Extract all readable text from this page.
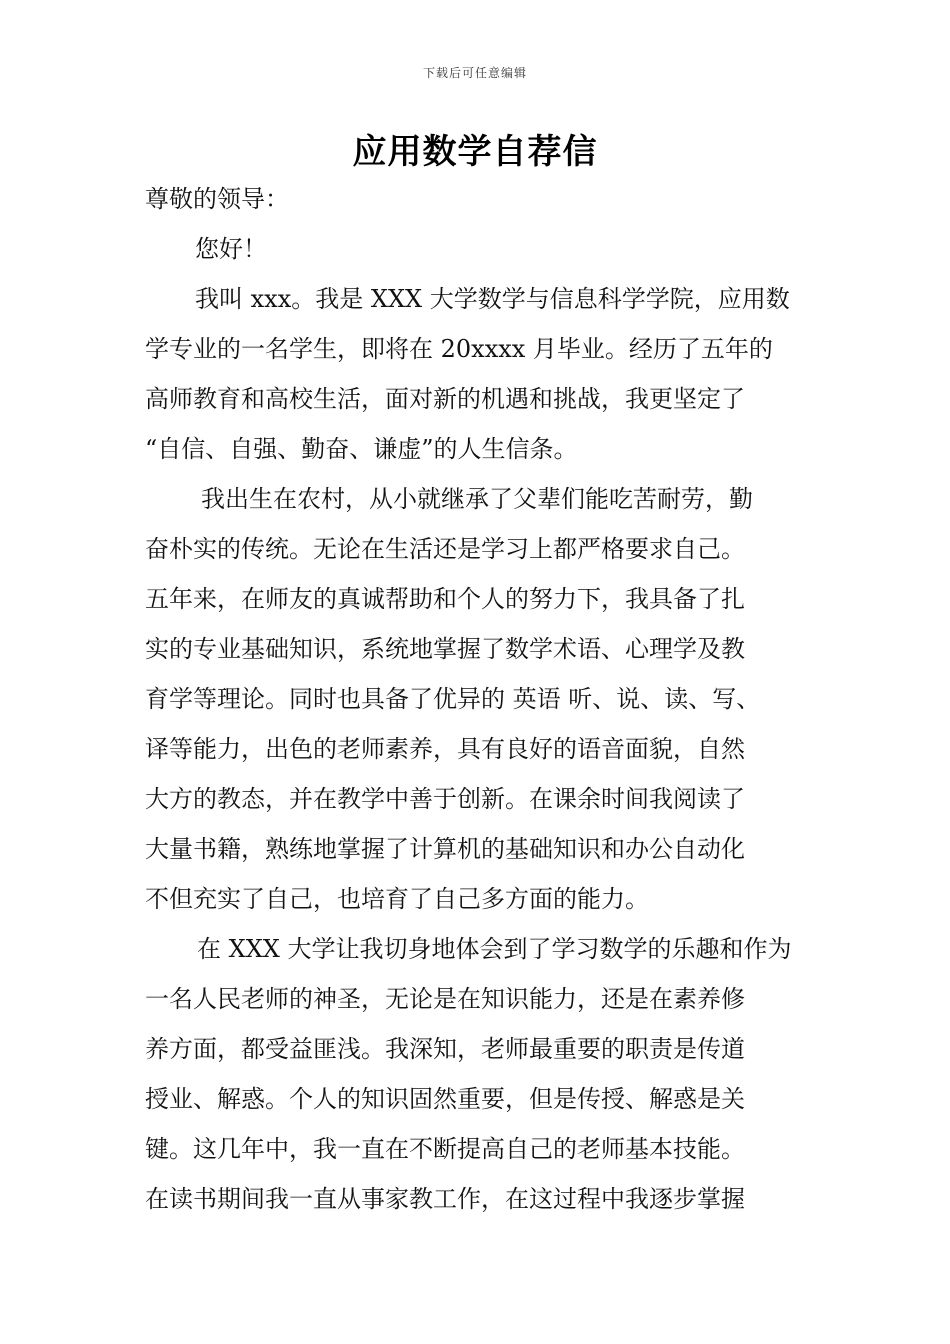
下载后可任意编辑
应用数学自荐信
尊敬的领导：
您好！
我叫 xxx。我是 XXX 大学数学与信息科学学院，应用数
学专业的一名学生，即将在 20xxxx 月毕业。经历了五年的
高师教育和高校生活，面对新的机遇和挑战，我更坚定了
“自信、自强、勤奋、谦虚”的人生信条。
我出生在农村，从小就继承了父辈们能吃苦耐劳，勤
奋朴实的传统。无论在生活还是学习上都严格要求自己。
五年来，在师友的真诚帮助和个人的努力下，我具备了扎
实的专业基础知识，系统地掌握了数学术语、心理学及教
育学等理论。同时也具备了优异的 英语 听、说、读、写、
译等能力，出色的老师素养，具有良好的语音面貌，自然
大方的教态，并在教学中善于创新。在课余时间我阅读了
大量书籍，熟练地掌握了计算机的基础知识和办公自动化
不但充实了自己，也培育了自己多方面的能力。
在 XXX 大学让我切身地体会到了学习数学的乐趣和作为
一名人民老师的神圣，无论是在知识能力，还是在素养修
养方面，都受益匪浅。我深知，老师最重要的职责是传道
授业、解惑。个人的知识固然重要，但是传授、解惑是关
键。这几年中，我一直在不断提高自己的老师基本技能。
在读书期间我一直从事家教工作，在这过程中我逐步掌握
